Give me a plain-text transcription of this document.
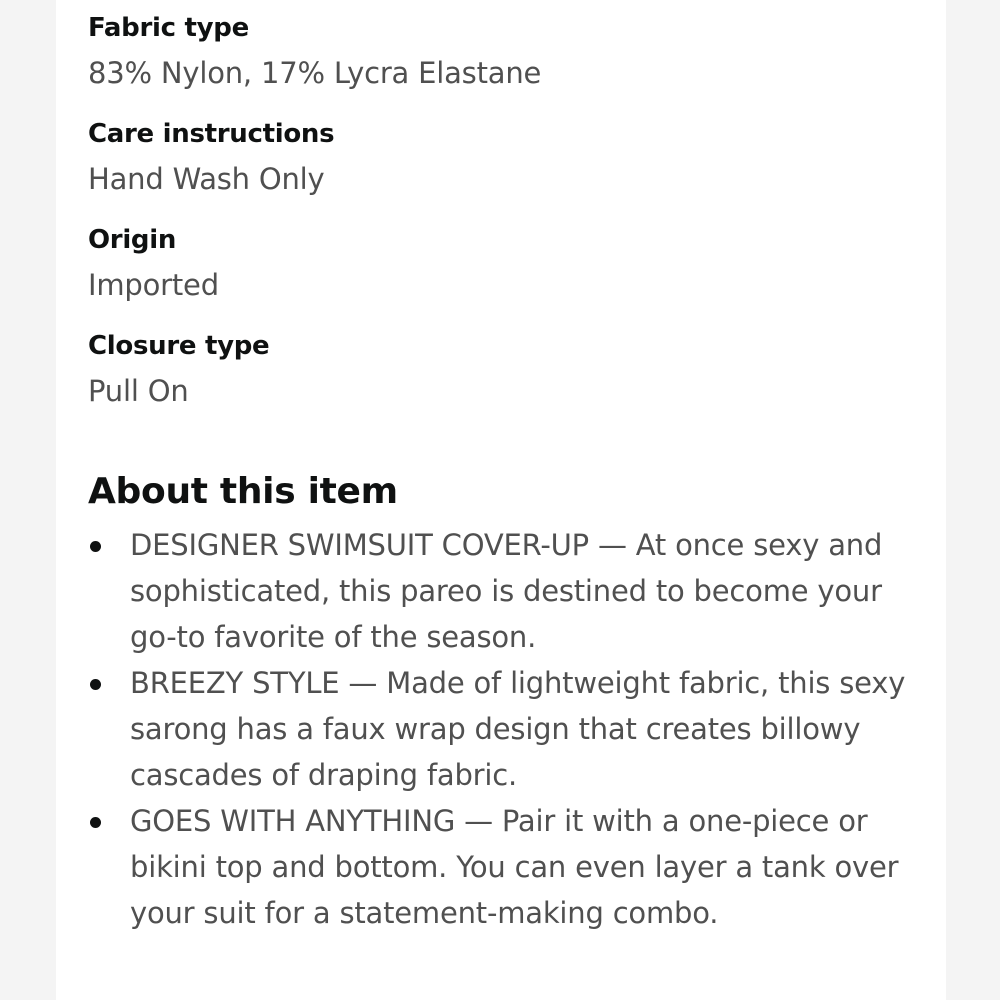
Fabric type
83% Nylon, 17% Lycra Elastane
Care instructions
Hand Wash Only
Origin
Imported
Closure type
Pull On
About this item
DESIGNER SWIMSUIT COVER-UP — At once sexy and sophisticated, this pareo is destined to become your go-to favorite of the season.
BREEZY STYLE — Made of lightweight fabric, this sexy sarong has a faux wrap design that creates billowy cascades of draping fabric.
GOES WITH ANYTHING — Pair it with a one-piece or bikini top and bottom. You can even layer a tank over your suit for a statement-making combo.
